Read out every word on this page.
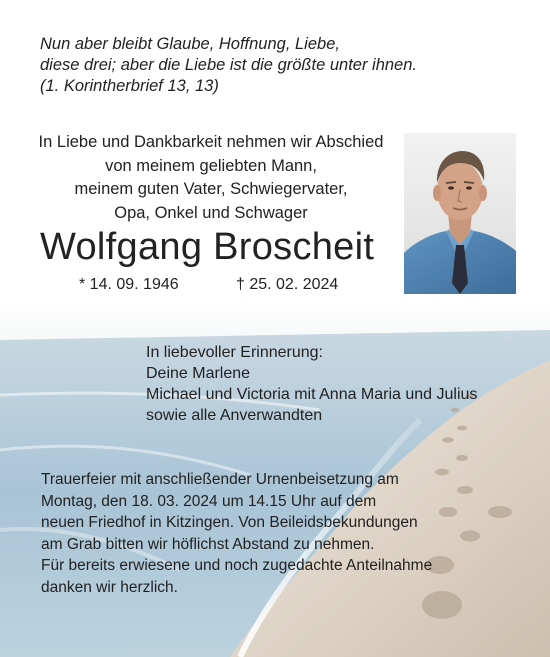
Nun aber bleibt Glaube, Hoffnung, Liebe,
diese drei; aber die Liebe ist die größte unter ihnen.
(1. Korintherbrief 13, 13)
In Liebe und Dankbarkeit nehmen wir Abschied
von meinem geliebten Mann,
meinem guten Vater, Schwiegervater,
Opa, Onkel und Schwager
Wolfgang Broscheit
* 14. 09. 1946	† 25. 02. 2024
In liebevoller Erinnerung:
Deine Marlene
Michael und Victoria mit Anna Maria und Julius
sowie alle Anverwandten
Trauerfeier mit anschließender Urnenbeisetzung am
Montag, den 18. 03. 2024 um 14.15 Uhr auf dem
neuen Friedhof in Kitzingen. Von Beileidsbekundungen
am Grab bitten wir höflichst Abstand zu nehmen.
Für bereits erwiesene und noch zugedachte Anteilnahme
danken wir herzlich.
